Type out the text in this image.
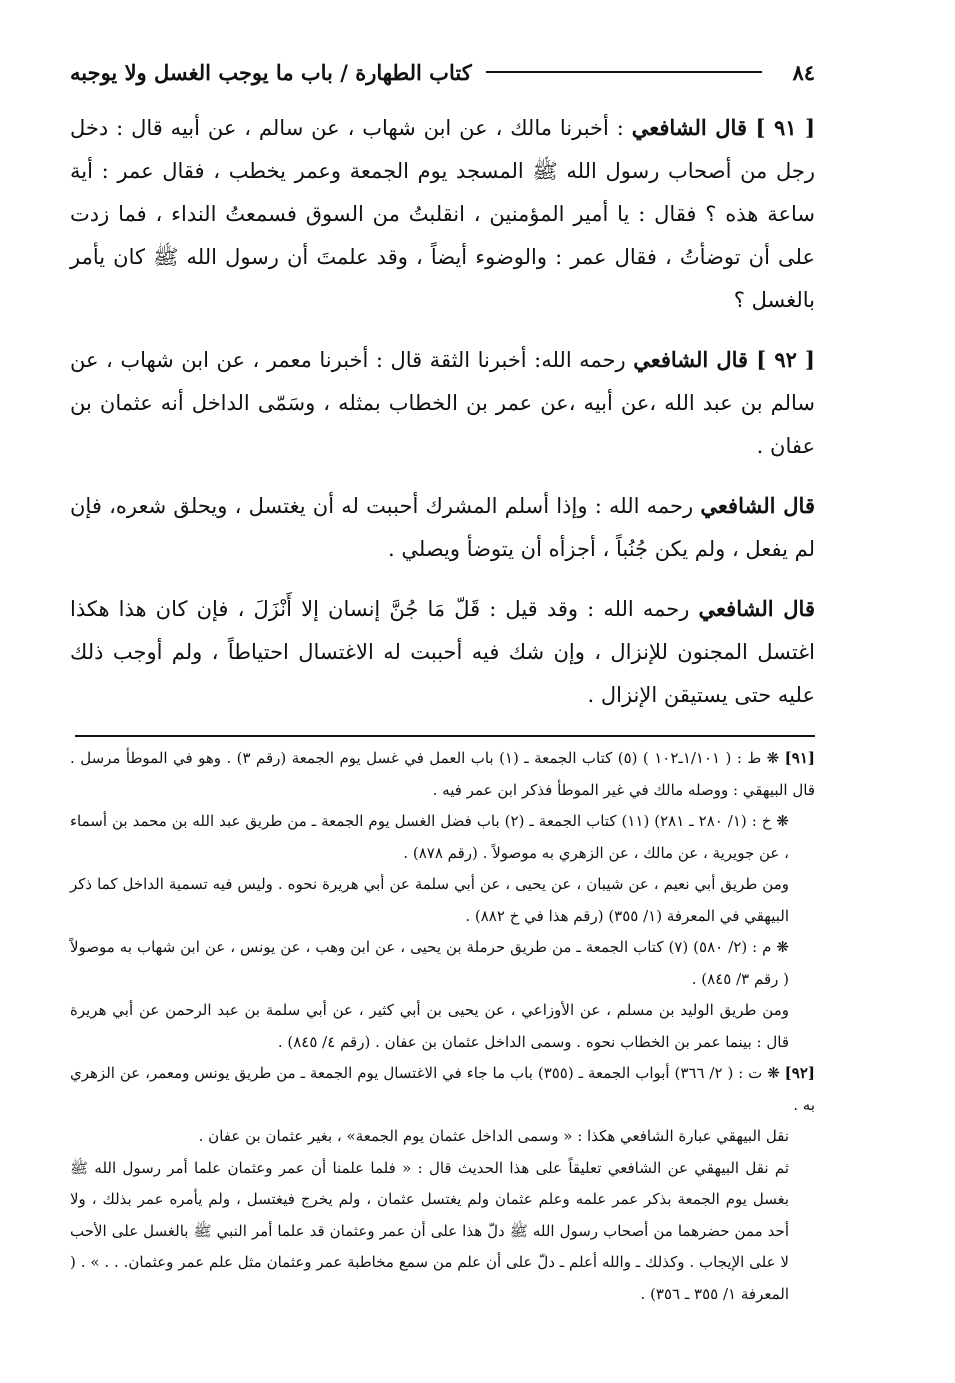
٨٤
كتاب الطهارة / باب ما يوجب الغسل ولا يوجبه

[ ٩١ ] قال الشافعي : أخبرنا مالك ، عن ابن شهاب ، عن سالم ، عن أبيه قال : دخل رجل من أصحاب رسول الله ﷺ المسجد يوم الجمعة وعمر يخطب ، فقال عمر : أية ساعة هذه ؟ فقال : يا أمير المؤمنين ، انقلبتُ من السوق فسمعتُ النداء ، فما زدت على أن توضأتُ ، فقال عمر : والوضوء أيضاً ، وقد علمتَ أن رسول الله ﷺ كان يأمر بالغسل ؟

[ ٩٢ ] قال الشافعي رحمه الله: أخبرنا الثقة قال : أخبرنا معمر ، عن ابن شهاب ، عن سالم بن عبد الله ،عن أبيه ،عن عمر بن الخطاب بمثله ، وسَمّى الداخل أنه عثمان بن عفان .

قال الشافعي رحمه الله : وإذا أسلم المشرك أحببت له أن يغتسل ، ويحلق شعره، فإن لم يفعل ، ولم يكن جُنُباً ، أجزأه أن يتوضأ ويصلي .

قال الشافعي رحمه الله : وقد قيل : قَلّ مَا جُنَّ إنسان إلا أَنْزَلَ ، فإن كان هذا هكذا اغتسل المجنون للإنزال ، وإن شك فيه أحببت له الاغتسال احتياطاً ، ولم أوجب ذلك عليه حتى يستيقن الإنزال .

[٩١] ❋ ط : ( ١/١٠١ـ١٠٢ ) (٥) كتاب الجمعة ـ (١) باب العمل في غسل يوم الجمعة (رقم ٣) . وهو في الموطأ مرسل . قال البيهقي : ووصله مالك في غير الموطأ فذكر ابن عمر فيه .

❋ خ : (١/ ٢٨٠ ـ ٢٨١) (١١) كتاب الجمعة ـ (٢) باب فضل الغسل يوم الجمعة ـ من طريق عبد الله بن محمد بن أسماء ، عن جويرية ، عن مالك ، عن الزهري به موصولاً . (رقم ٨٧٨) .

ومن طريق أبي نعيم ، عن شيبان ، عن يحيى ، عن أبي سلمة عن أبي هريرة نحوه . وليس فيه تسمية الداخل كما ذكر البيهقي في المعرفة (١/ ٣٥٥) (رقم هذا في خ ٨٨٢) .

❋ م : (٢/ ٥٨٠) (٧) كتاب الجمعة ـ من طريق حرملة بن يحيى ، عن ابن وهب ، عن يونس ، عن ابن شهاب به موصولاً ( رقم ٣/ ٨٤٥) .

ومن طريق الوليد بن مسلم ، عن الأوزاعي ، عن يحيى بن أبي كثير ، عن أبي سلمة بن عبد الرحمن عن أبي هريرة قال : بينما عمر بن الخطاب نحوه . وسمى الداخل عثمان بن عفان . (رقم ٤/ ٨٤٥) .

[٩٢] ❋ ت : ( ٢/ ٣٦٦) أبواب الجمعة ـ (٣٥٥) باب ما جاء في الاغتسال يوم الجمعة ـ من طريق يونس ومعمر، عن الزهري به .

نقل البيهقي عبارة الشافعي هكذا : « وسمى الداخل عثمان يوم الجمعة» ، بغير عثمان بن عفان .

ثم نقل البيهقي عن الشافعي تعليقاً على هذا الحديث قال : « فلما علمنا أن عمر وعثمان علما أمر رسول الله ﷺ بغسل يوم الجمعة بذكر عمر علمه وعلم عثمان ولم يغتسل عثمان ، ولم يخرج فيغتسل ، ولم يأمره عمر بذلك ، ولا أحد ممن حضرهما من أصحاب رسول الله ﷺ دلّ هذا على أن عمر وعثمان قد علما أمر النبي ﷺ بالغسل على الأحب لا على الإيجاب . وكذلك ـ والله أعلم ـ دلّ على أن علم من سمع مخاطبة عمر وعثمان مثل علم عمر وعثمان. . . » . ( المعرفة ١/ ٣٥٥ ـ ٣٥٦) .
